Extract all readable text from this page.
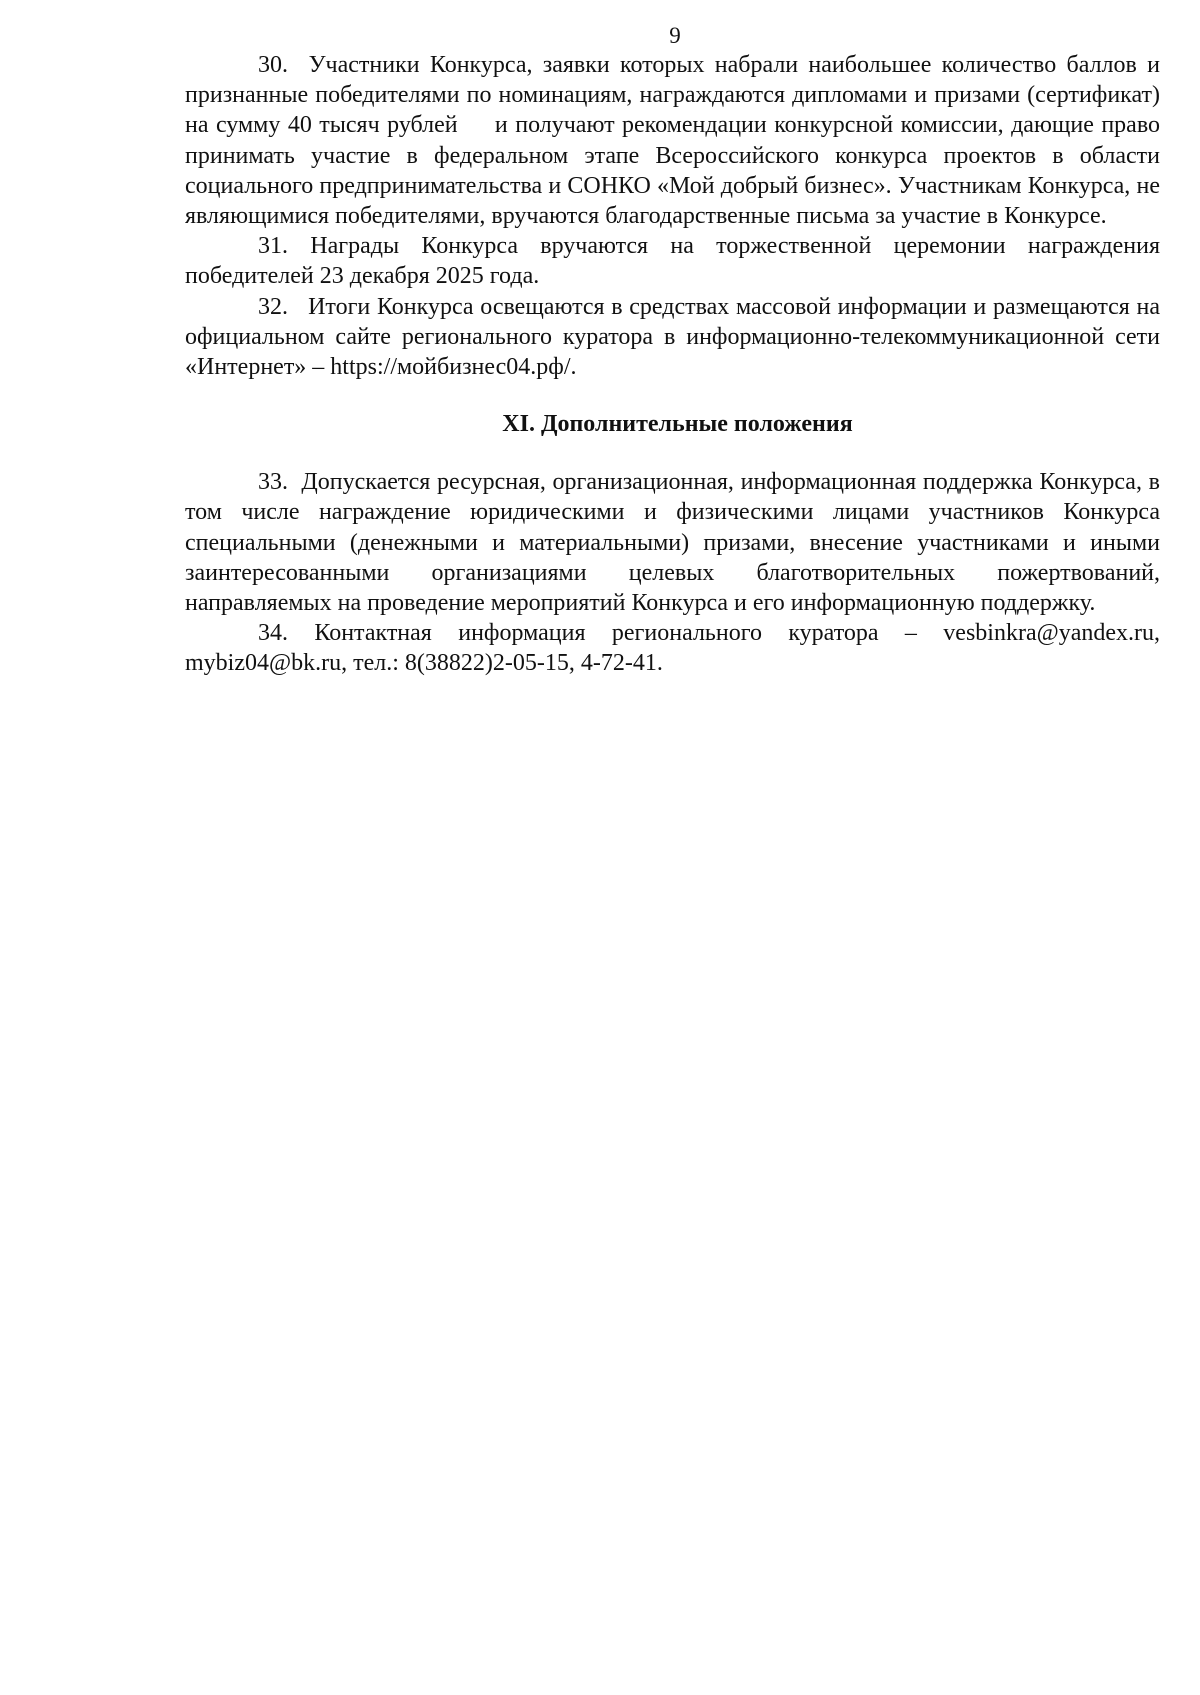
9

30.  Участники Конкурса, заявки которых набрали наибольшее количество баллов и признанные победителями по номинациям, награждаются дипломами и призами (сертификат) на сумму 40 тысяч рублей     и получают рекомендации конкурсной комиссии, дающие право принимать участие в федеральном этапе Всероссийского конкурса проектов в области социального предпринимательства и СОНКО «Мой добрый бизнес». Участникам Конкурса, не являющимися победителями, вручаются благодарственные письма за участие в Конкурсе.

31. Награды Конкурса вручаются на торжественной церемонии награждения победителей 23 декабря 2025 года.

32.   Итоги Конкурса освещаются в средствах массовой информации и размещаются на официальном сайте регионального куратора в информационно-телекоммуникационной сети «Интернет» – https://мойбизнес04.рф/.

XI. Дополнительные положения

33.  Допускается ресурсная, организационная, информационная поддержка Конкурса, в том числе награждение юридическими и физическими лицами участников Конкурса специальными (денежными и материальными) призами, внесение участниками и иными заинтересованными организациями целевых благотворительных пожертвований, направляемых на проведение мероприятий Конкурса и его информационную поддержку.

34. Контактная информация регионального куратора – vesbinkra@yandex.ru, mybiz04@bk.ru, тел.: 8(38822)2-05-15, 4-72-41.
